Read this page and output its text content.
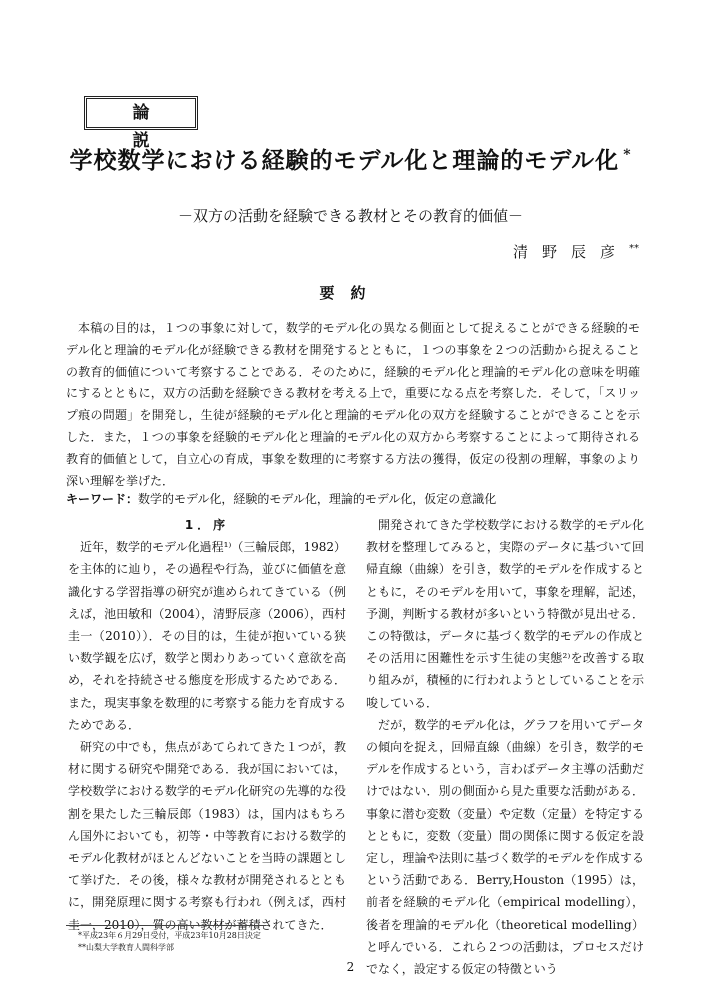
論　説
学校数学における経験的モデル化と理論的モデル化 *
－双方の活動を経験できる教材とその教育的価値－
清野辰彦**
要約

本稿の目的は，１つの事象に対して，数学的モデル化の異なる側面として捉えることができる経験的モデル化と理論的モデル化が経験できる教材を開発するとともに，１つの事象を２つの活動から捉えることの教育的価値について考察することである．そのために，経験的モデル化と理論的モデル化の意味を明確にするとともに，双方の活動を経験できる教材を考える上で，重要になる点を考察した．そして，「スリップ痕の問題」を開発し，生徒が経験的モデル化と理論的モデル化の双方を経験することができることを示した．また，１つの事象を経験的モデル化と理論的モデル化の双方から考察することによって期待される教育的価値として，自立心の育成，事象を数理的に考察する方法の獲得，仮定の役割の理解，事象のより深い理解を挙げた．

キーワード：数学的モデル化，経験的モデル化，理論的モデル化，仮定の意識化
1．序

近年，数学的モデル化過程¹⁾（三輪辰郎，1982）を主体的に辿り，その過程や行為，並びに価値を意識化する学習指導の研究が進められてきている（例えば，池田敏和（2004），清野辰彦（2006），西村圭一（2010））．その目的は，生徒が抱いている狭い数学観を広げ，数学と関わりあっていく意欲を高め，それを持続させる態度を形成するためである．また，現実事象を数理的に考察する能力を育成するためである．

研究の中でも，焦点があてられてきた１つが，教材に関する研究や開発である．我が国においては，学校数学における数学的モデル化研究の先導的な役割を果たした三輪辰郎（1983）は，国内はもちろん国外においても，初等・中等教育における数学的モデル化教材がほとんどないことを当時の課題として挙げた．その後，様々な教材が開発されるとともに，開発原理に関する考察も行われ（例えば，西村圭一，2010），質の高い教材が蓄積されてきた．

開発されてきた学校数学における数学的モデル化教材を整理してみると，実際のデータに基づいて回帰直線（曲線）を引き，数学的モデルを作成するとともに，そのモデルを用いて，事象を理解，記述，予測，判断する教材が多いという特徴が見出せる．この特徴は，データに基づく数学的モデルの作成とその活用に困難性を示す生徒の実態²⁾を改善する取り組みが，積極的に行われようとしていることを示唆している．

だが，数学的モデル化は，グラフを用いてデータの傾向を捉え，回帰直線（曲線）を引き，数学的モデルを作成するという，言わばデータ主導の活動だけではない．別の側面から見た重要な活動がある．事象に潜む変数（変量）や定数（定量）を特定するとともに，変数（変量）間の関係に関する仮定を設定し，理論や法則に基づく数学的モデルを作成するという活動である．Berry,Houston（1995）は，前者を経験的モデル化（empirical modelling），後者を理論的モデル化（theoretical modelling）と呼んでいる．これら２つの活動は，プロセスだけでなく，設定する仮定の特徴という

*平成23年６月29日受付，平成23年10月28日決定
**山梨大学教育人間科学部
2
